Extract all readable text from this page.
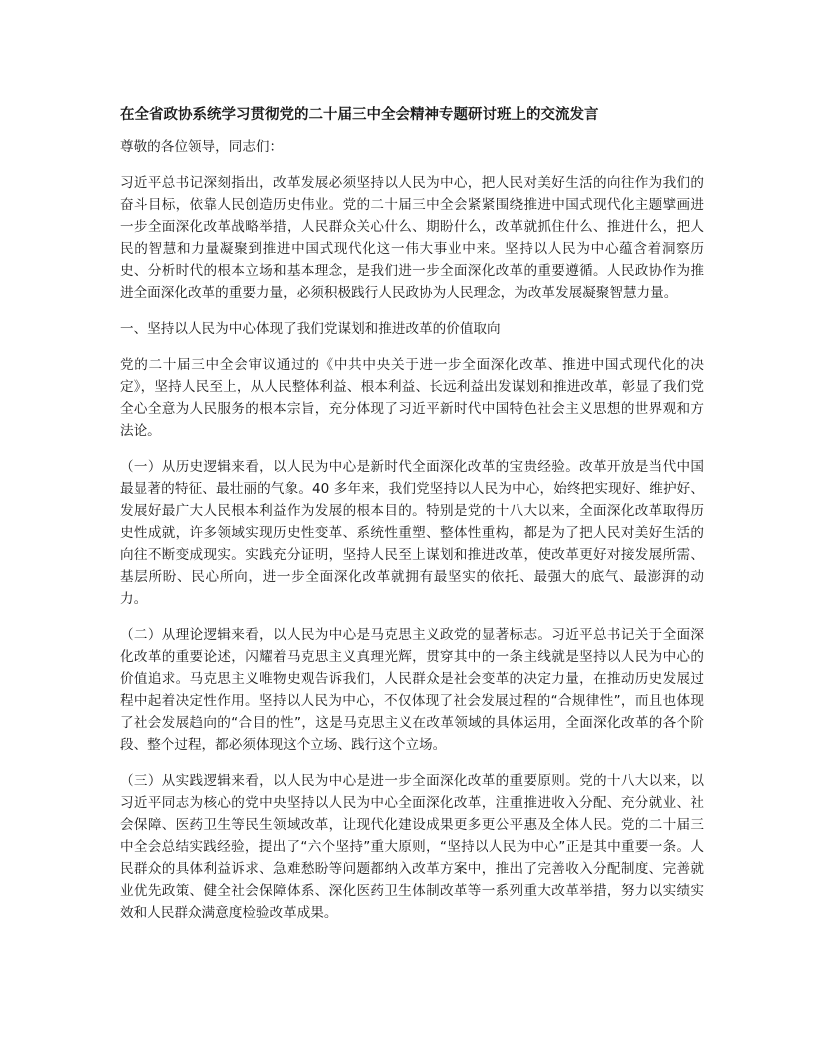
在全省政协系统学习贯彻党的二十届三中全会精神专题研讨班上的交流发言

尊敬的各位领导，同志们：

习近平总书记深刻指出，改革发展必须坚持以人民为中心，把人民对美好生活的向往作为我们的奋斗目标，依靠人民创造历史伟业。党的二十届三中全会紧紧围绕推进中国式现代化主题擘画进一步全面深化改革战略举措，人民群众关心什么、期盼什么，改革就抓住什么、推进什么，把人民的智慧和力量凝聚到推进中国式现代化这一伟大事业中来。坚持以人民为中心蕴含着洞察历史、分析时代的根本立场和基本理念，是我们进一步全面深化改革的重要遵循。人民政协作为推进全面深化改革的重要力量，必须积极践行人民政协为人民理念，为改革发展凝聚智慧力量。

一、坚持以人民为中心体现了我们党谋划和推进改革的价值取向

党的二十届三中全会审议通过的《中共中央关于进一步全面深化改革、推进中国式现代化的决定》，坚持人民至上，从人民整体利益、根本利益、长远利益出发谋划和推进改革，彰显了我们党全心全意为人民服务的根本宗旨，充分体现了习近平新时代中国特色社会主义思想的世界观和方法论。

（一）从历史逻辑来看，以人民为中心是新时代全面深化改革的宝贵经验。改革开放是当代中国最显著的特征、最壮丽的气象。40 多年来，我们党坚持以人民为中心，始终把实现好、维护好、发展好最广大人民根本利益作为发展的根本目的。特别是党的十八大以来，全面深化改革取得历史性成就，许多领域实现历史性变革、系统性重塑、整体性重构，都是为了把人民对美好生活的向往不断变成现实。实践充分证明，坚持人民至上谋划和推进改革，使改革更好对接发展所需、基层所盼、民心所向，进一步全面深化改革就拥有最坚实的依托、最强大的底气、最澎湃的动力。

（二）从理论逻辑来看，以人民为中心是马克思主义政党的显著标志。习近平总书记关于全面深化改革的重要论述，闪耀着马克思主义真理光辉，贯穿其中的一条主线就是坚持以人民为中心的价值追求。马克思主义唯物史观告诉我们，人民群众是社会变革的决定力量，在推动历史发展过程中起着决定性作用。坚持以人民为中心，不仅体现了社会发展过程的“合规律性”，而且也体现了社会发展趋向的“合目的性”，这是马克思主义在改革领域的具体运用，全面深化改革的各个阶段、整个过程，都必须体现这个立场、践行这个立场。

（三）从实践逻辑来看，以人民为中心是进一步全面深化改革的重要原则。党的十八大以来，以习近平同志为核心的党中央坚持以人民为中心全面深化改革，注重推进收入分配、充分就业、社会保障、医药卫生等民生领域改革，让现代化建设成果更多更公平惠及全体人民。党的二十届三中全会总结实践经验，提出了“六个坚持”重大原则，“坚持以人民为中心”正是其中重要一条。人民群众的具体利益诉求、急难愁盼等问题都纳入改革方案中，推出了完善收入分配制度、完善就业优先政策、健全社会保障体系、深化医药卫生体制改革等一系列重大改革举措，努力以实绩实效和人民群众满意度检验改革成果。
